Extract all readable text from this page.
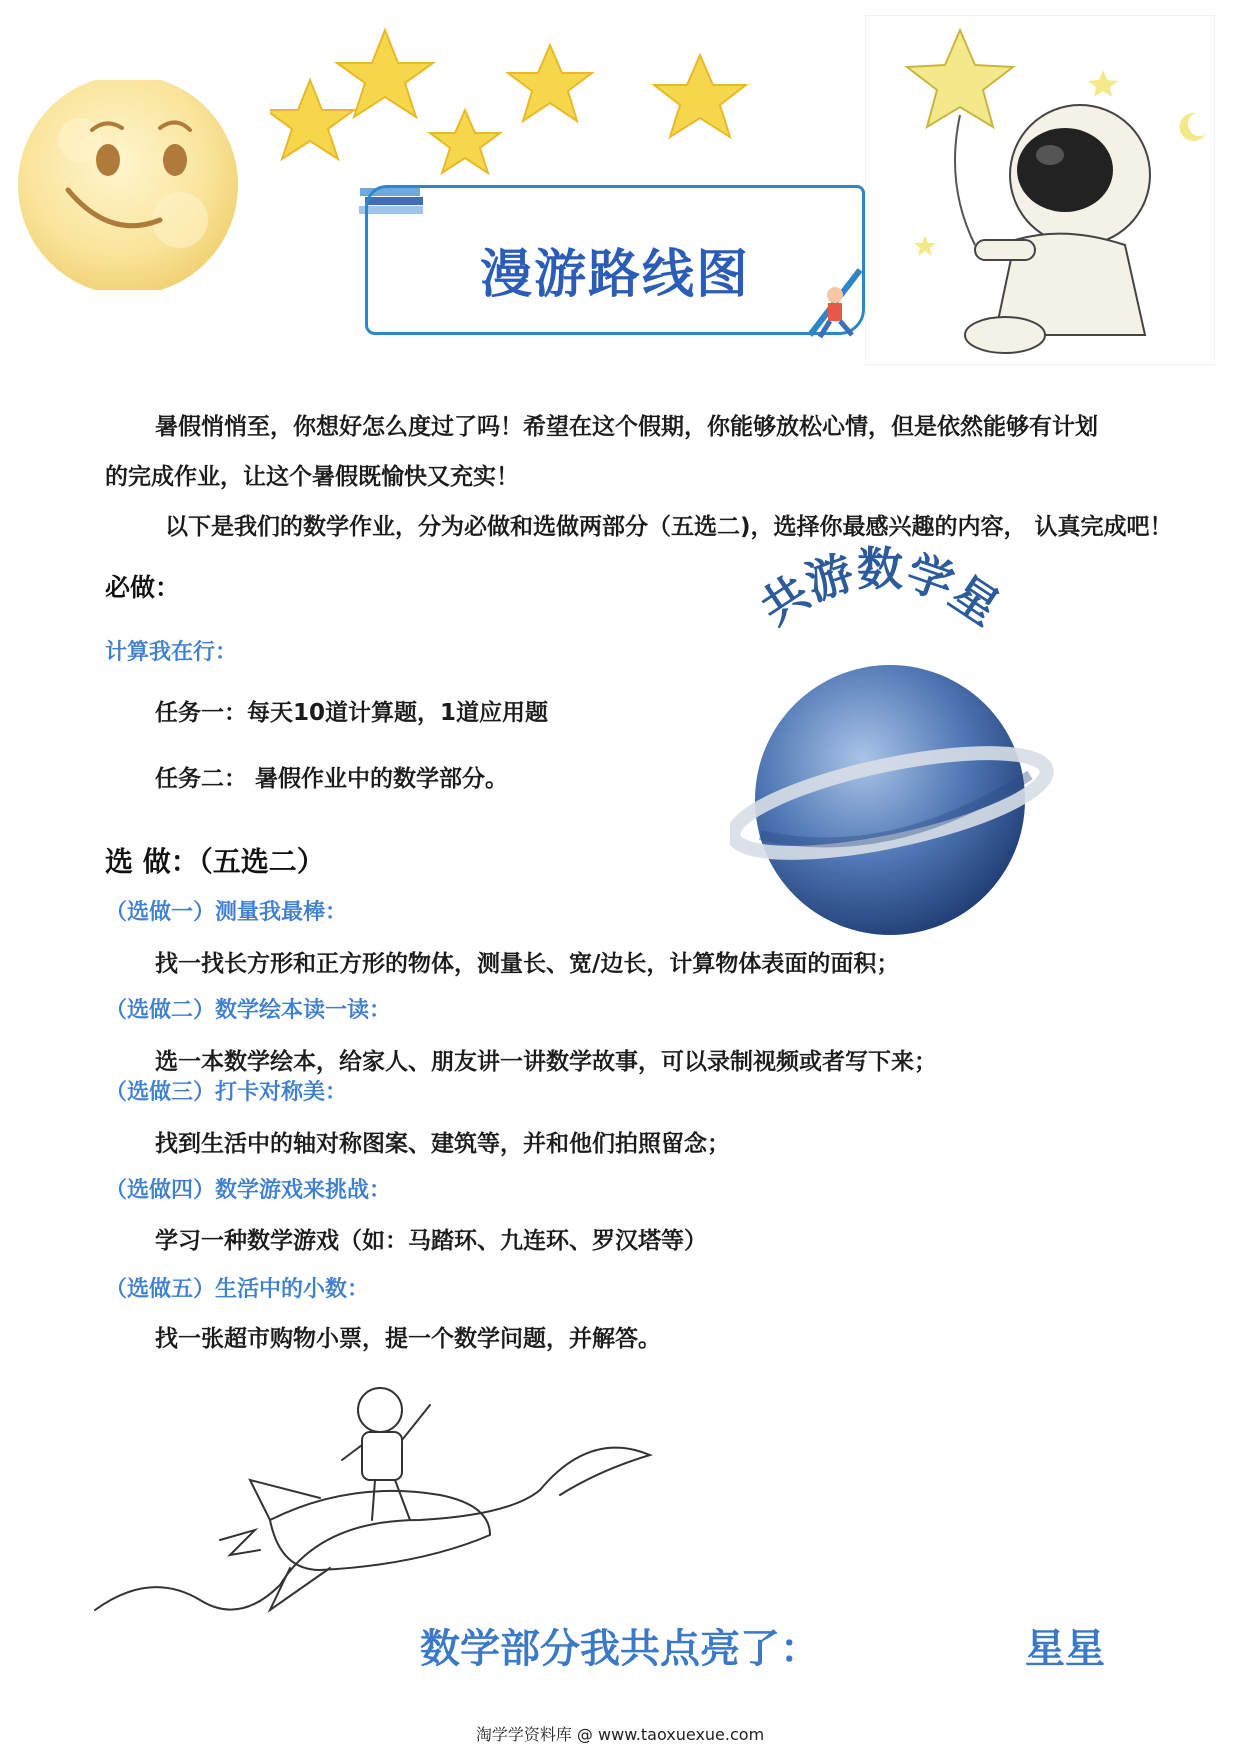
漫游路线图
暑假悄悄至，你想好怎么度过了吗！希望在这个假期，你能够放松心情，但是依然能够有计划
的完成作业，让这个暑假既愉快又充实！
以下是我们的数学作业，分为必做和选做两部分（五选二)，选择你最感兴趣的内容， 认真完成吧！
必做：
计算我在行：
任务一：每天10道计算题，1道应用题
任务二： 暑假作业中的数学部分。
共游数学星
选 做：（五选二）
（选做一）测量我最棒：
找一找长方形和正方形的物体，测量长、宽/边长，计算物体表面的面积；
（选做二）数学绘本读一读：
选一本数学绘本，给家人、朋友讲一讲数学故事，可以录制视频或者写下来；
（选做三）打卡对称美：
找到生活中的轴对称图案、建筑等，并和他们拍照留念；
（选做四）数学游戏来挑战：
学习一种数学游戏（如：马踏环、九连环、罗汉塔等）
（选做五）生活中的小数：
找一张超市购物小票，提一个数学问题，并解答。
数学部分我共点亮了：	星星
淘学学资料库 @ www.taoxuexue.com
